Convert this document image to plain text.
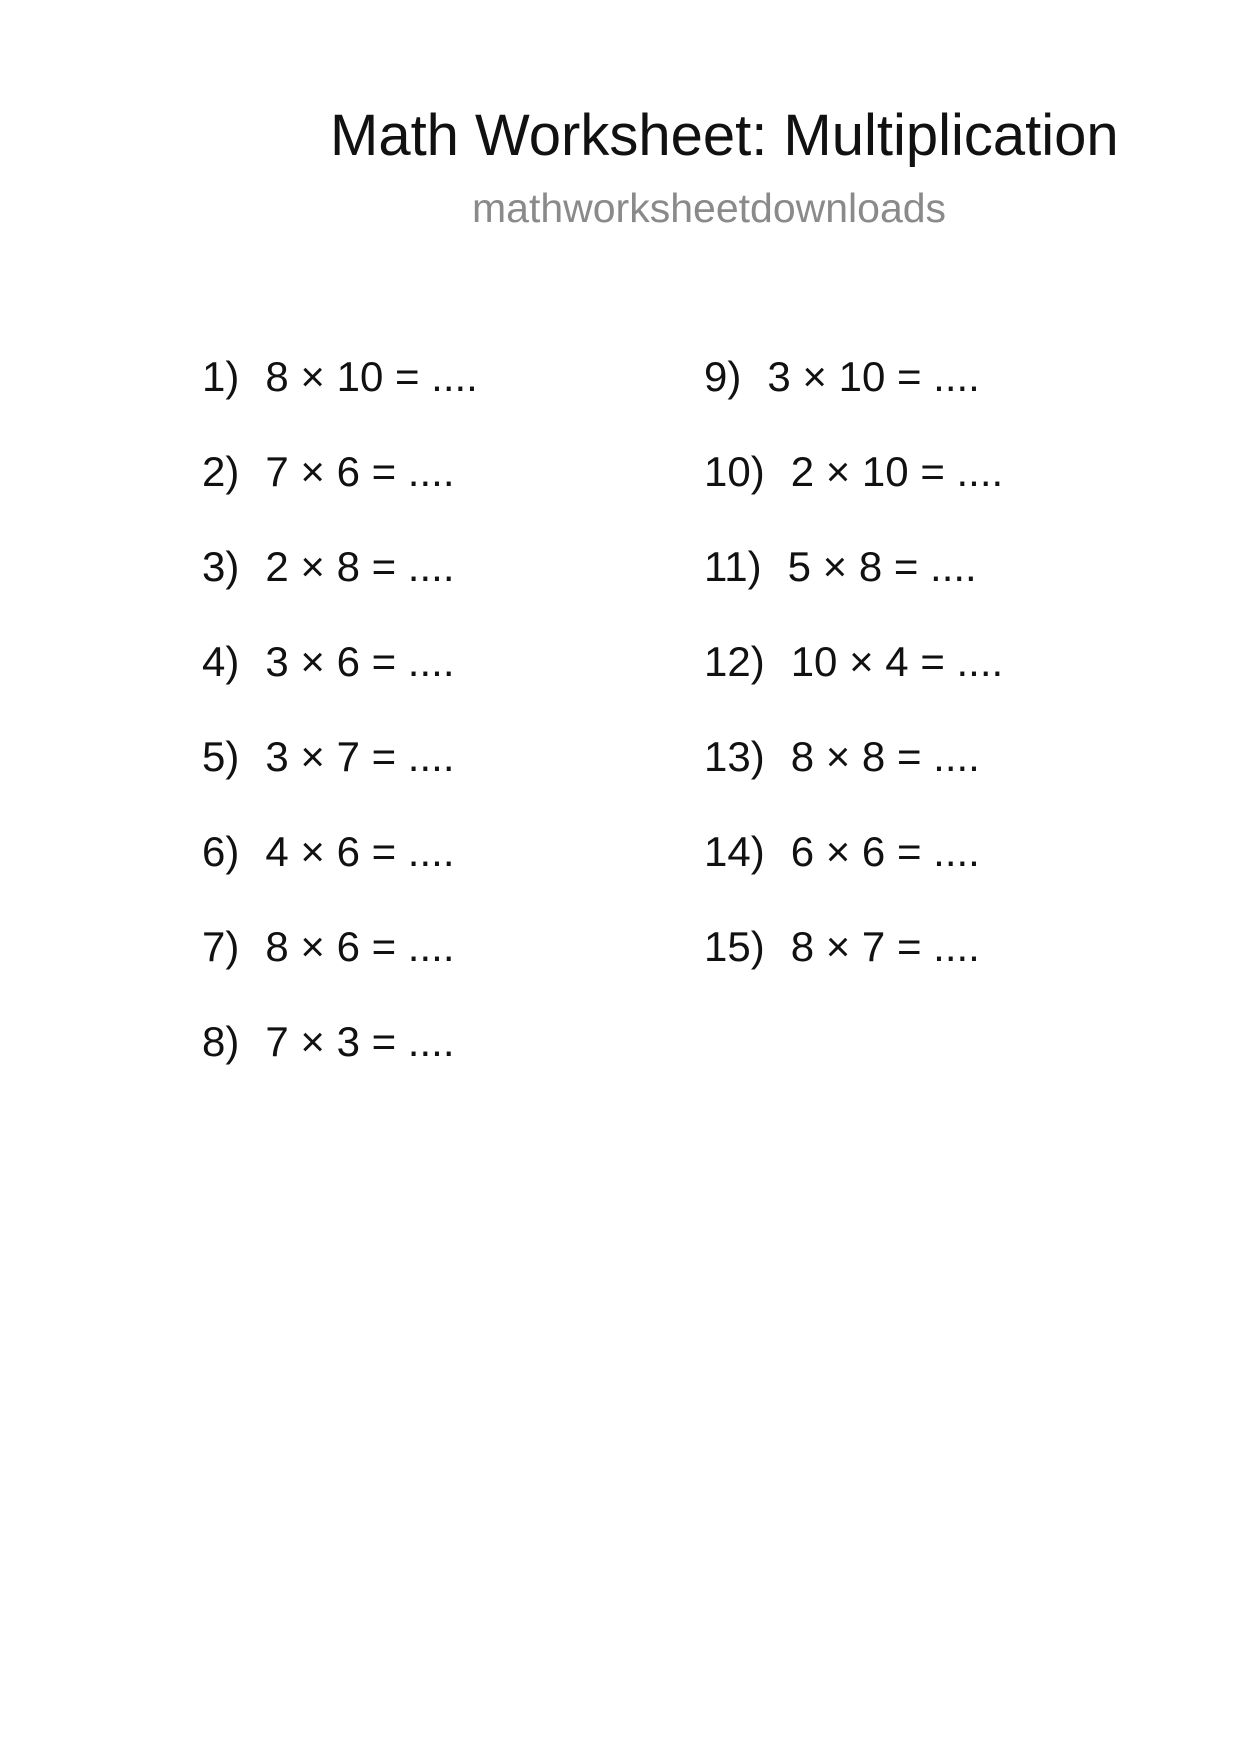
Math Worksheet: Multiplication
mathworksheetdownloads
1) 8 × 10 = ....
2) 7 × 6 = ....
3) 2 × 8 = ....
4) 3 × 6 = ....
5) 3 × 7 = ....
6) 4 × 6 = ....
7) 8 × 6 = ....
8) 7 × 3 = ....
9) 3 × 10 = ....
10) 2 × 10 = ....
11) 5 × 8 = ....
12) 10 × 4 = ....
13) 8 × 8 = ....
14) 6 × 6 = ....
15) 8 × 7 = ....
